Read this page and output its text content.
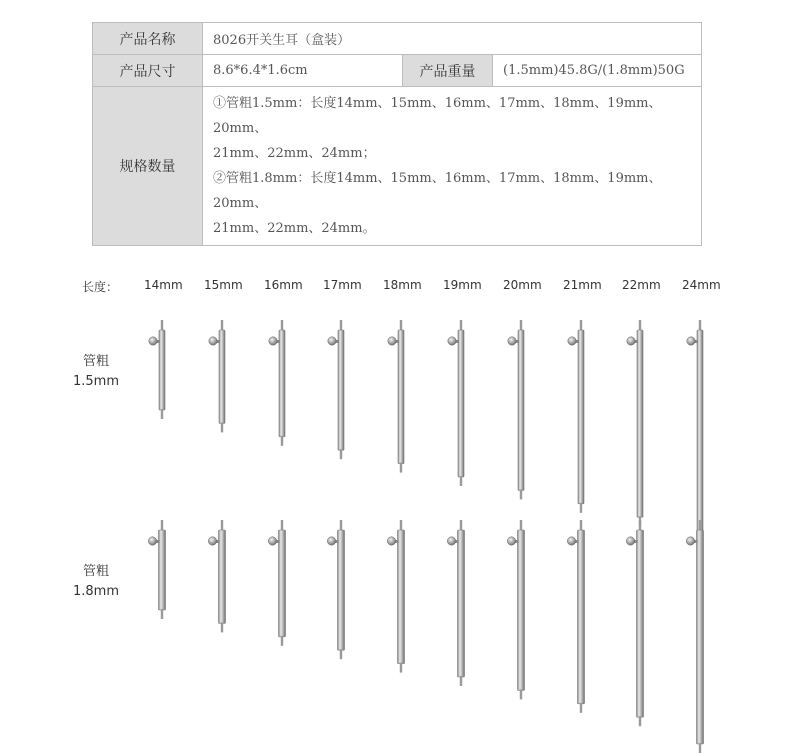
产品名称	8026开关生耳（盒装）		
产品尺寸	8.6*6.4*1.6cm	产品重量	(1.5mm)45.8G/(1.8mm)50G
规格数量	①管粗1.5mm：长度14mm、15mm、16mm、17mm、18mm、19mm、20mm、
21mm、22mm、24mm；
②管粗1.8mm：长度14mm、15mm、16mm、17mm、18mm、19mm、20mm、
21mm、22mm、24mm。		
长度： 14mm 15mm 16mm 17mm 18mm 19mm 20mm 21mm 22mm 24mm
管粗
1.5mm
管粗
1.8mm
